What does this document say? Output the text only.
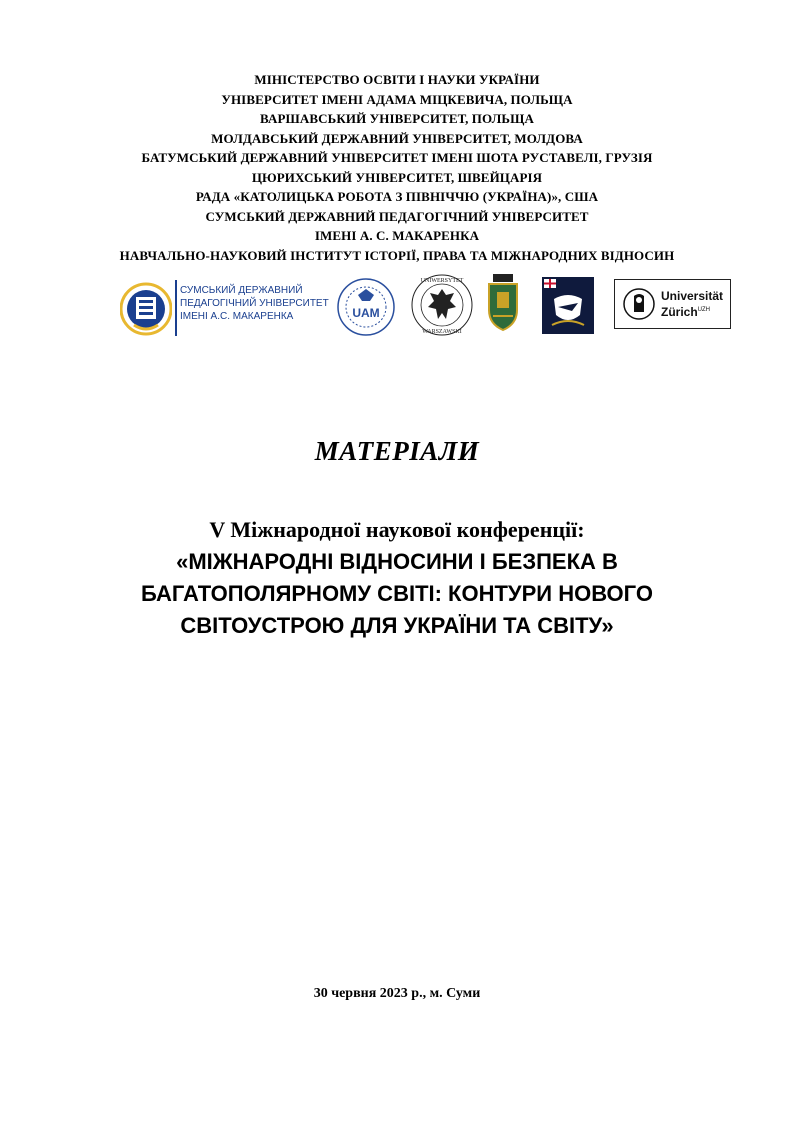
МІНІСТЕРСТВО ОСВІТИ І НАУКИ УКРАЇНИ
УНІВЕРСИТЕТ ІМЕНІ АДАМА МІЦКЕВИЧА, ПОЛЬЩА
ВАРШАВСЬКИЙ УНІВЕРСИТЕТ, ПОЛЬЩА
МОЛДАВСЬКИЙ ДЕРЖАВНИЙ УНІВЕРСИТЕТ, МОЛДОВА
БАТУМСЬКИЙ ДЕРЖАВНИЙ УНІВЕРСИТЕТ ІМЕНІ ШОТА РУСТАВЕЛІ, ГРУЗІЯ
ЦЮРИХСЬКИЙ УНІВЕРСИТЕТ, ШВЕЙЦАРІЯ
РАДА «КАТОЛИЦЬКА РОБОТА З ПІВНІЧЧЮ (УКРАЇНА)», США
СУМСЬКИЙ ДЕРЖАВНИЙ ПЕДАГОГІЧНИЙ УНІВЕРСИТЕТ
ІМЕНІ А. С. МАКАРЕНКА
НАВЧАЛЬНО-НАУКОВИЙ ІНСТИТУТ ІСТОРІЇ, ПРАВА ТА МІЖНАРОДНИХ ВІДНОСИН
СУМСЬКИЙ ДЕРЖАВНИЙ
ПЕДАГОГІЧНИЙ УНІВЕРСИТЕТ
ІМЕНІ А.С. МАКАРЕНКА	UAM
UNIWERSYTET
WARSZAWSKI
Universität
Zürich$^{UZH}$
МАТЕРІАЛИ
V Міжнародної наукової конференції:
«МІЖНАРОДНІ ВІДНОСИНИ І БЕЗПЕКА В
БАГАТОПОЛЯРНОМУ СВІТІ: КОНТУРИ НОВОГО
СВІТОУСТРОЮ ДЛЯ УКРАЇНИ ТА СВІТУ»
30 червня 2023 р., м. Суми
